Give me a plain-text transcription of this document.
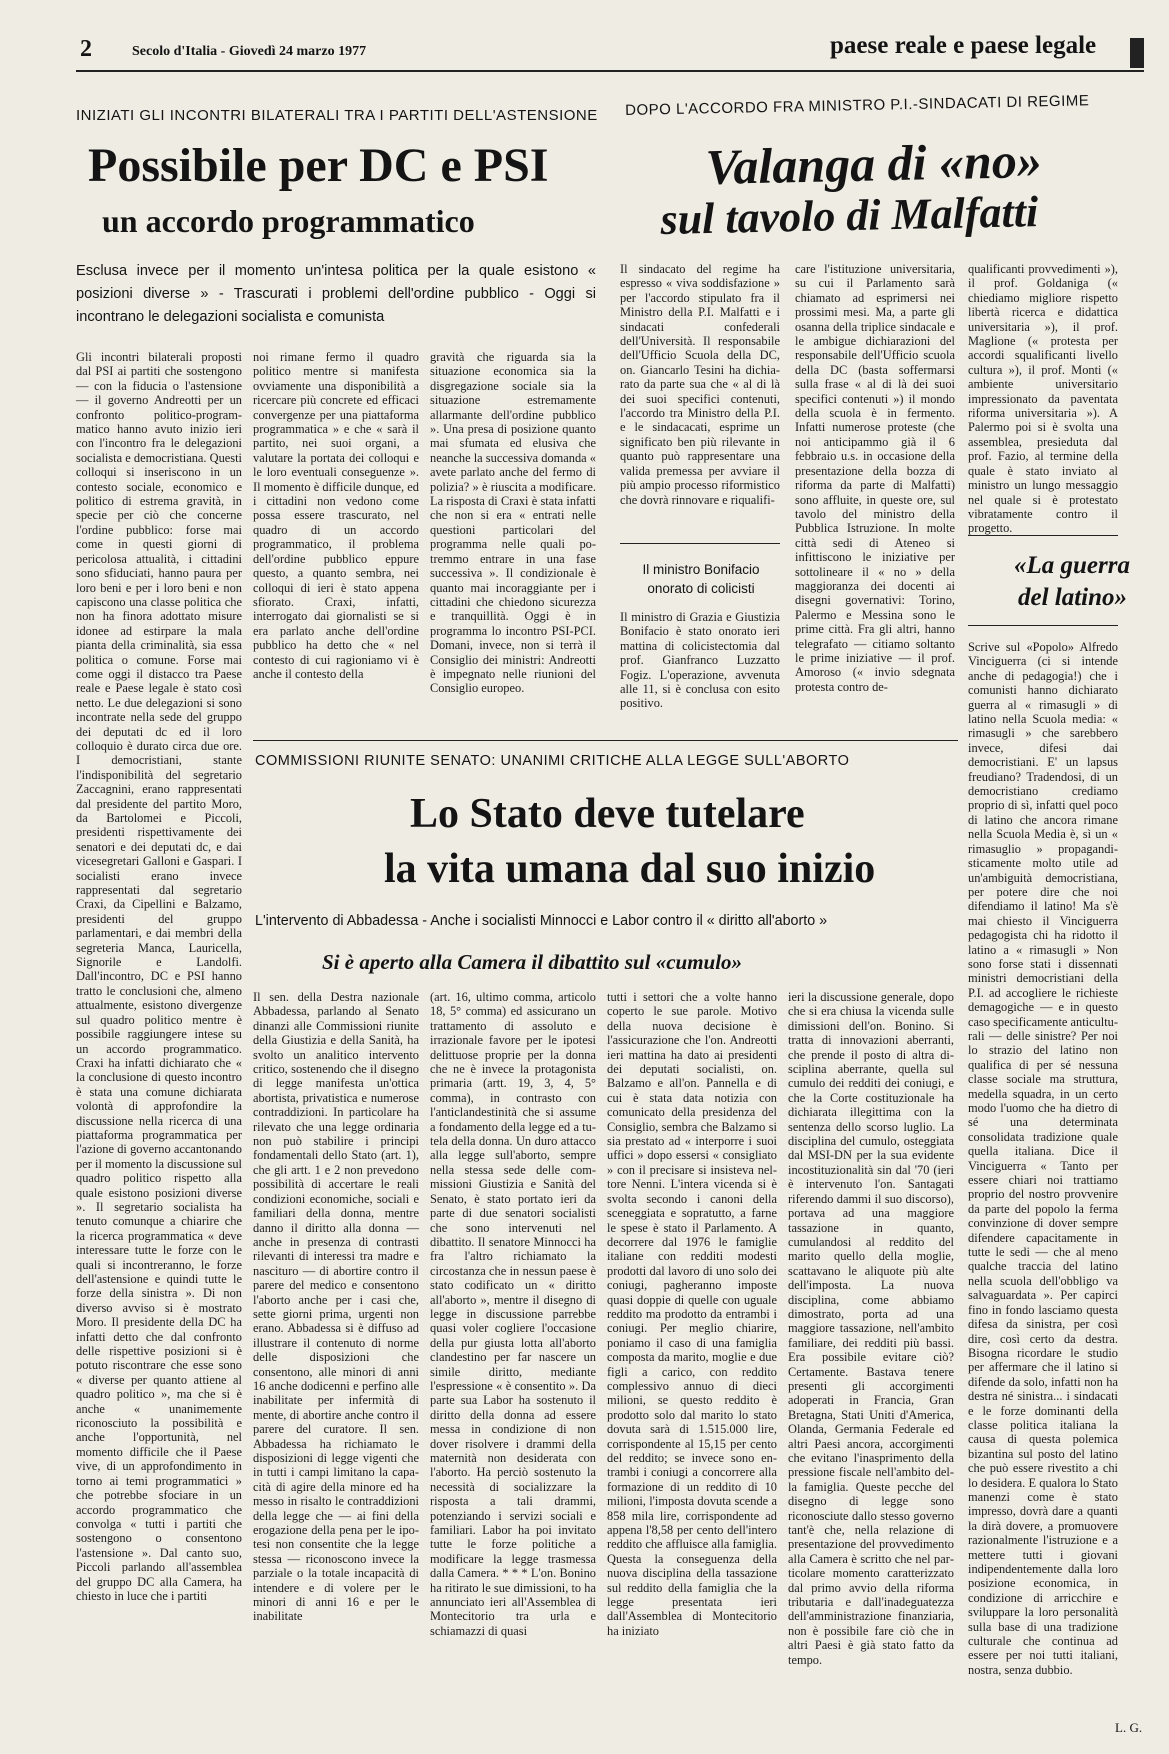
2	Secolo d'Italia - Giovedì 24 marzo 1977	paese reale e paese legale
INIZIATI GLI INCONTRI BILATERALI TRA I PARTITI DELL'ASTENSIONE
Possibile per DC e PSI
un accordo programmatico
Esclusa invece per il momento un'intesa politica per la quale esistono « posizioni diverse » - Trascurati i problemi dell'ordine pubblico - Oggi si incontrano le delegazioni socialista e comunista
Gli incontri bilaterali proposti dal PSI ai partiti che sostengono — con la fiducia o l'astensione — il governo Andreotti per un confronto politico-programmatico hanno avuto inizio ieri con l'incontro fra le delegazioni socialista e democristiana. Questi colloqui si inseriscono in un contesto sociale, economico e politico di estrema gravità, in specie per ciò che concerne l'ordine pubblico: forse mai come in questi giorni di pericolosa attualità, i cittadini sono sfiduciati, hanno paura per loro beni e per i loro beni e non capiscono una classe politica che non ha finora adottato misure idonee ad estirpare la mala pianta della criminalità, sia essa politica o comune. Forse mai come oggi il distacco tra Paese reale e Paese legale è stato così netto. Le due delegazioni si sono incontrate nella sede del gruppo dei deputati dc ed il loro colloquio è durato circa due ore. I democristiani, stante l'indisponibilità del segretario Zaccagnini, erano rappresentati dal presidente del partito Moro, da Bartolomei e Piccoli, presidenti rispettivamente dei senatori e dei deputati dc, e dai vicesegretari Galloni e Gaspari. I socialisti erano invece rappresentati dal segretario Craxi, da Cipellini e Balzamo, presidenti del gruppo parlamentari, e dai membri della segreteria Manca, Lauricella, Signorile e Landolfi. Dall'incontro, DC e PSI hanno tratto le conclusioni che, almeno attualmente, esistono divergenze sul quadro politico mentre è possibile raggiungere intese su un accordo programmatico. Craxi ha infatti dichiarato che « la conclusione di questo incontro è stata una comune dichiarata volontà di approfondire la discussione nella ricerca di una piattaforma programmatica per l'azione di governo accantonando per il momento la discussione sul quadro politico rispetto alla quale esistono posizioni diverse ». Il segretario socialista ha tenuto comunque a chiarire che la ricerca programmatica « deve interessare tutte le forze con le quali si incontreranno, le forze dell'astensione e quindi tutte le forze della sinistra ». Di non diverso avviso si è mostrato Moro. Il presidente della DC ha infatti detto che dal confronto delle rispettive posizioni si è potuto riscontrare che esse sono « diverse per quanto attiene al quadro politico », ma che si è anche « unanimemente riconosciuto la possibilità e anche l'opportunità, nel momento difficile che il Paese vive, di un approfondimento in torno ai temi programmatici » che potrebbe sfociare in un accordo programmatico che convolga « tutti i partiti che sostengono o consentono l'astensione ». Dal canto suo, Piccoli parlando all'assemblea del gruppo DC alla Camera, ha chiesto in luce che i partiti
noi rimane fermo il quadro politico mentre si manifesta ovviamente una disponibilità a ricercare più concrete ed efficaci convergenze per una piattaforma programmatica » e che « sarà il partito, nei suoi organi, a valutare la portata dei colloqui e le loro eventuali conseguenze ». Il momento è difficile dunque, ed i cittadini non vedono come possa essere trascurato, nel quadro di un accordo programmatico, il problema dell'ordine pubblico eppure questo, a quanto sembra, nei colloqui di ieri è stato appena sfiorato. Craxi, infatti, interrogato dai giornalisti se si era parlato anche dell'ordine pubblico ha detto che « nel contesto di cui ragioniamo vi è anche il contesto della
gravità che riguarda sia la situazione economica sia la disgregazione sociale sia la situazione estremamente allarmante dell'ordine pubblico ». Una presa di posizione quanto mai sfumata ed elusiva che neanche la successiva domanda « avete parlato anche del fermo di polizia? » è riuscita a modificare. La risposta di Craxi è stata infatti che non si era « entrati nelle questioni particolari del programma nelle quali potremmo entrare in una fase successiva ». Il condizionale è quanto mai incoraggiante per i cittadini che chiedono sicurezza e tranquillità. Oggi è in programma lo incontro PSI-PCI. Domani, invece, non si terrà il Consiglio dei ministri: Andreotti è impegnato nelle riunioni del Consiglio europeo.
DOPO L'ACCORDO FRA MINISTRO P.I.-SINDACATI DI REGIME
Valanga di «no»
sul tavolo di Malfatti
Il sindacato del regime ha espresso « viva soddisfazione » per l'accordo stipulato fra il Ministro della P.I. Malfatti e i sindacati confederali dell'Università. Il responsabile dell'Ufficio Scuola della DC, on. Giancarlo Tesini ha dichiarato da parte sua che « al di là dei suoi specifici contenuti, l'accordo tra Ministro della P.I. e le sindacacati, esprime un significato ben più rilevante in quanto può rappresentare una valida premessa per avviare il più ampio processo riformistico che dovrà rinnovare e riqualifi-
Il ministro Bonifacio onorato di colicisti
Il ministro di Grazia e Giustizia Bonifacio è stato onorato ieri mattina di colicistectomia dal prof. Gianfranco Luzzatto Fogiz. L'operazione, avvenuta alle 11, si è conclusa con esito positivo.
care l'istituzione universitaria, su cui il Parlamento sarà chiamato ad esprimersi nei prossimi mesi. Ma, a parte gli osanna della triplice sindacale e le ambigue dichiarazioni del responsabile dell'Ufficio scuola della DC (basta soffermarsi sulla frase « al di là dei suoi specifici contenuti ») il mondo della scuola è in fermento. Infatti numerose proteste (che noi anticipammo già il 6 febbraio u.s. in occasione della presentazione della bozza di riforma da parte di Malfatti) sono affluite, in queste ore, sul tavolo del ministro della Pubblica Istruzione. In molte città sedi di Ateneo si infittiscono le iniziative per sottolineare il « no » della maggioranza dei docenti ai disegni governativi: Torino, Palermo e Messina sono le prime città. Fra gli altri, hanno telegrafato — citiamo soltanto le prime iniziative — il prof. Amoroso (« invio sdegnata protesta contro de-
qualificanti provvedimenti »), il prof. Goldaniga (« chiediamo migliore rispetto libertà ricerca e didattica universitaria »), il prof. Maglione (« protesta per accordi squalificanti livello cultura »), il prof. Monti (« ambiente universitario impressionato da paventata riforma universitaria »). A Palermo poi si è svolta una assemblea, presieduta dal prof. Fazio, al termine della quale è stato inviato al ministro un lungo messaggio nel quale si è protestato vibratamente contro il progetto.
«La guerra
del latino»
Scrive sul «Popolo» Alfredo Vinciguerra (ci si intende anche di pedagogia!) che i comunisti hanno dichiarato guerra al « rimasugli » di latino nella Scuola media: « rimasugli » che sarebbero invece, difesi dai democristiani. E' un lapsus freudiano? Tradendosi, di un democristiano crediamo proprio di sì, infatti quel poco di latino che ancora rimane nella Scuola Media è, sì un « rimasuglio » propagandisticamente molto utile ad un'ambiguità democristiana, per potere dire che noi difendiamo il latino! Ma s'è mai chiesto il Vinciguerra pedagogista chi ha ridotto il latino a « rimasugli » Non sono forse stati i dissennati ministri democristiani della P.I. ad accogliere le richieste demagogiche — e in questo caso specificamente anticulturali — delle sinistre? Per noi lo strazio del latino non qualifica di per sé nessuna classe sociale ma struttura, medella squadra, in un certo modo l'uomo che ha dietro di sé una determinata consolidata tradizione quale quella italiana. Dice il Vinciguerra « Tanto per essere chiari noi trattiamo proprio del nostro provvenire da parte del popolo la ferma convinzione di dover sempre difendere capacitamente in tutte le sedi — che al meno qualche traccia del latino nella scuola dell'obbligo va salvaguardata ». Per capirci fino in fondo lasciamo questa difesa da sinistra, per così dire, così certo da destra. Bisogna ricordare le studio per affermare che il latino si difende da solo, infatti non ha destra né sinistra... i sindacati e le forze dominanti della classe politica italiana la causa di questa polemica bizantina sul posto del latino che può essere rivestito a chi lo desidera. E qualora lo Stato manenzi come è stato impresso, dovrà dare a quanti la dirà dovere, a promuovere razionalmente l'istruzione e a mettere tutti i giovani indipendentemente dalla loro posizione economica, in condizione di arricchire e sviluppare la loro personalità sulla base di una tradizione culturale che continua ad essere per noi tutti italiani, nostra, senza dubbio.
L. G.
COMMISSIONI RIUNITE SENATO: UNANIMI CRITICHE ALLA LEGGE SULL'ABORTO
Lo Stato deve tutelare
la vita umana dal suo inizio
L'intervento di Abbadessa - Anche i socialisti Minnocci e Labor contro il « diritto all'aborto »
Si è aperto alla Camera il dibattito sul «cumulo»
Il sen. della Destra nazionale Abbadessa, parlando al Senato dinanzi alle Commissioni riunite della Giustizia e della Sanità, ha svolto un analitico intervento critico, sostenendo che il disegno di legge manifesta un'ottica abortista, privatistica e numerose contraddizioni. In particolare ha rilevato che una legge ordinaria non può stabilire i principi fondamentali dello Stato (art. 1), che gli artt. 1 e 2 non prevedono possibilità di accertare le reali condizioni economiche, sociali e familiari della donna, mentre danno il diritto alla donna — anche in presenza di contrasti rilevanti di interessi tra madre e nascituro — di abortire contro il parere del medico e consentono l'aborto anche per i casi che, sette giorni prima, urgenti non erano. Abbadessa si è diffuso ad illustrare il contenuto di norme delle disposizioni che consentono, alle minori di anni 16 anche dodicenni e perfino alle inabilitate per infermità di mente, di abortire anche contro il parere del curatore. Il sen. Abbadessa ha richiamato le disposizioni di legge vigenti che in tutti i campi limitano la capacità di agire della minore ed ha messo in risalto le contraddizioni della legge che — ai fini della erogazione della pena per le ipotesi non consentite che la legge stessa — riconoscono invece la parziale o la totale incapacità di intendere e di volere per le minori di anni 16 e per le inabilitate
(art. 16, ultimo comma, articolo 18, 5° comma) ed assicurano un trattamento di assoluto e irrazionale favore per le ipotesi delittuose proprie per la donna che ne è invece la protagonista primaria (artt. 19, 3, 4, 5° comma), in contrasto con l'anticlandestinità che si assume a fondamento della legge ed a tutela della donna. Un duro attacco alla legge sull'aborto, sempre nella stessa sede delle commissioni Giustizia e Sanità del Senato, è stato portato ieri da parte di due senatori socialisti che sono intervenuti nel dibattito. Il senatore Minnocci ha fra l'altro richiamato la circostanza che in nessun paese è stato codificato un « diritto all'aborto », mentre il disegno di legge in discussione parrebbe quasi voler cogliere l'occasione della pur giusta lotta all'aborto clandestino per far nascere un simile diritto, mediante l'espressione « è consentito ». Da parte sua Labor ha sostenuto il diritto della donna ad essere messa in condizione di non dover risolvere i drammi della maternità non desiderata con l'aborto. Ha perciò sostenuto la necessità di socializzare la risposta a tali drammi, potenziando i servizi sociali e familiari. Labor ha poi invitato tutte le forze politiche a modificare la legge trasmessa dalla Camera. * * * L'on. Bonino ha ritirato le sue dimissioni, to ha annunciato ieri all'Assemblea di Montecitorio tra urla e schiamazzi di quasi
tutti i settori che a volte hanno coperto le sue parole. Motivo della nuova decisione è l'assicurazione che l'on. Andreotti ieri mattina ha dato ai presidenti dei deputati socialisti, on. Balzamo e all'on. Pannella e di cui è stata data notizia con comunicato della presidenza del Consiglio, sembra che Balzamo si sia prestato ad « interporre i suoi uffici » dopo essersi « consigliato » con il precisare si insisteva neltore Nenni. L'intera vicenda si è svolta secondo i canoni della sceneggiata e sopratutto, a farne le spese è stato il Parlamento. A decorrere dal 1976 le famiglie italiane con redditi modesti prodotti dal lavoro di uno solo dei coniugi, pagheranno imposte quasi doppie di quelle con uguale reddito ma prodotto da entrambi i coniugi. Per meglio chiarire, poniamo il caso di una famiglia composta da marito, moglie e due figli a carico, con reddito complessivo annuo di dieci milioni, se questo reddito è prodotto solo dal marito lo stato dovuta sarà di 1.515.000 lire, corrispondente al 15,15 per cento del reddito; se invece sono entrambi i coniugi a concorrere alla formazione di un reddito di 10 milioni, l'imposta dovuta scende a 858 mila lire, corrispondente ad appena l'8,58 per cento dell'intero reddito che affluisce alla famiglia. Questa la conseguenza della nuova disciplina della tassazione sul reddito della famiglia che la legge presentata ieri dall'Assemblea di Montecitorio ha iniziato
ieri la discussione generale, dopo che si era chiusa la vicenda sulle dimissioni dell'on. Bonino. Si tratta di innovazioni aberranti, che prende il posto di altra disciplina aberrante, quella sul cumulo dei redditi dei coniugi, e che la Corte costituzionale ha dichiarata illegittima con la sentenza dello scorso luglio. La disciplina del cumulo, osteggiata dal MSI-DN per la sua evidente incostituzionalità sin dal '70 (ieri è intervenuto l'on. Santagati riferendo dammi il suo discorso), portava ad una maggiore tassazione in quanto, cumulandosi al reddito del marito quello della moglie, scattavano le aliquote più alte dell'imposta. La nuova disciplina, come abbiamo dimostrato, porta ad una maggiore tassazione, nell'ambito familiare, dei redditi più bassi. Era possibile evitare ciò? Certamente. Bastava tenere presenti gli accorgimenti adoperati in Francia, Gran Bretagna, Stati Uniti d'America, Olanda, Germania Federale ed altri Paesi ancora, accorgimenti che evitano l'inasprimento della pressione fiscale nell'ambito della famiglia. Queste pecche del disegno di legge sono riconosciute dallo stesso governo tant'è che, nella relazione di presentazione del provvedimento alla Camera è scritto che nel particolare momento caratterizzato dal primo avvio della riforma tributaria e dall'inadeguatezza dell'amministrazione finanziaria, non è possibile fare ciò che in altri Paesi è già stato fatto da tempo.
